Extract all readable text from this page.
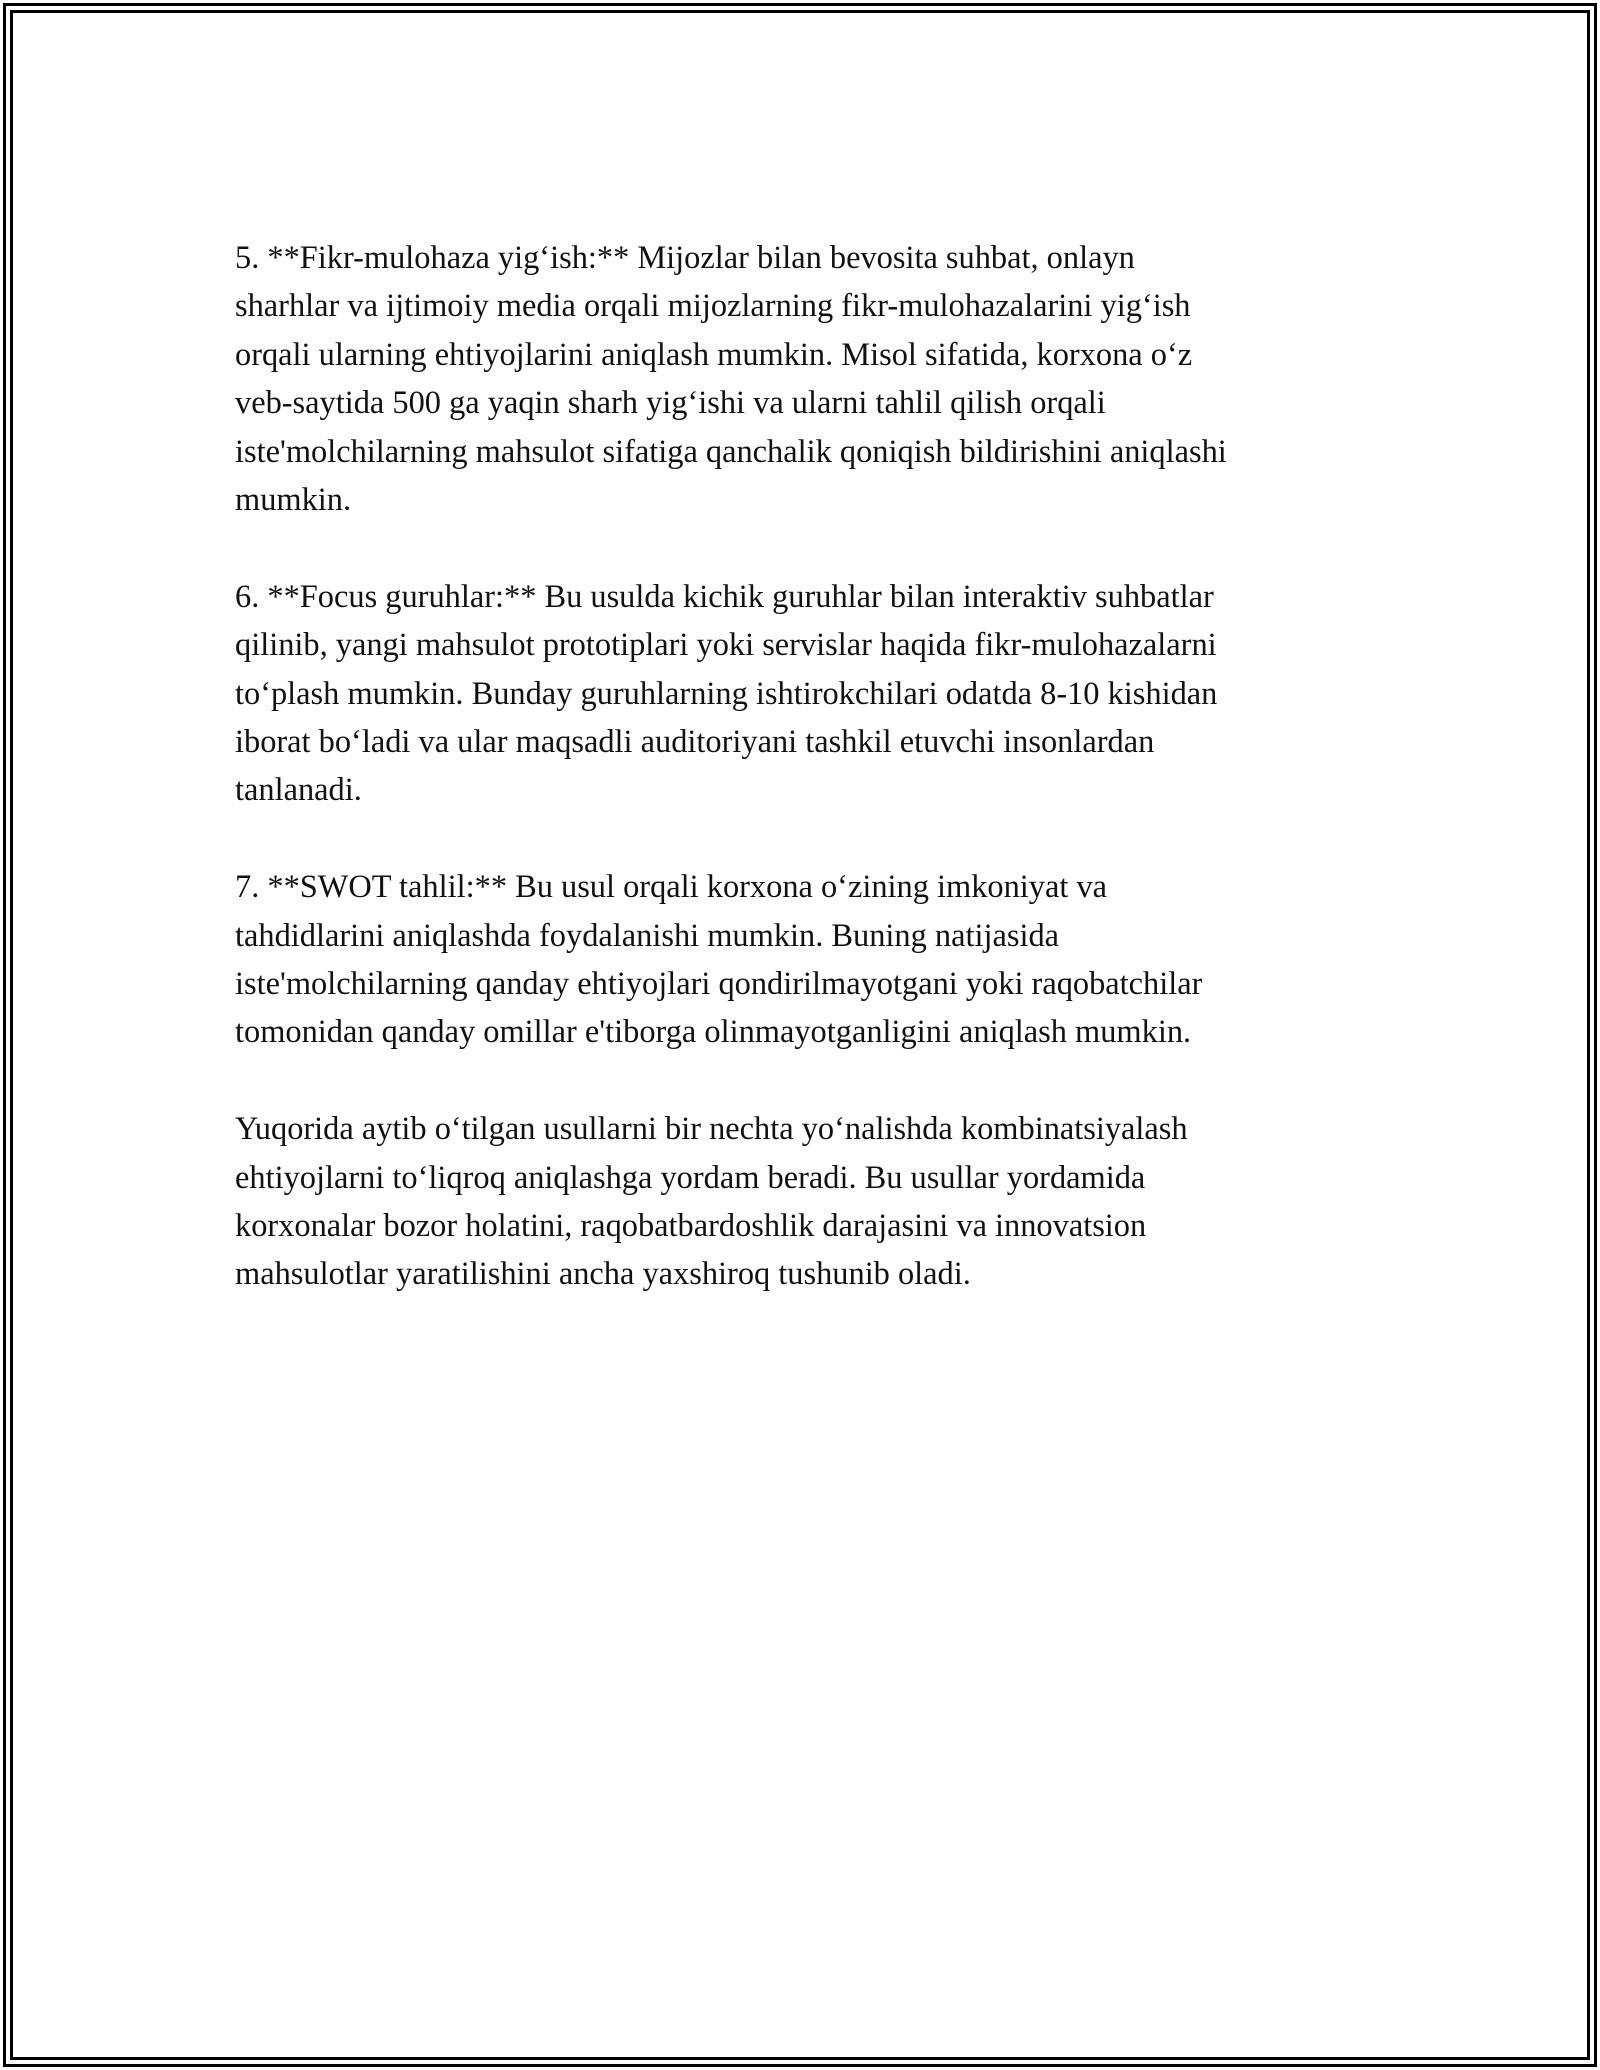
5. **Fikr-mulohaza yig‘ish:** Mijozlar bilan bevosita suhbat, onlayn
sharhlar va ijtimoiy media orqali mijozlarning fikr-mulohazalarini yig‘ish
orqali ularning ehtiyojlarini aniqlash mumkin. Misol sifatida, korxona o‘z
veb-saytida 500 ga yaqin sharh yig‘ishi va ularni tahlil qilish orqali
iste'molchilarning mahsulot sifatiga qanchalik qoniqish bildirishini aniqlashi
mumkin.

6. **Focus guruhlar:** Bu usulda kichik guruhlar bilan interaktiv suhbatlar
qilinib, yangi mahsulot prototiplari yoki servislar haqida fikr-mulohazalarni
to‘plash mumkin. Bunday guruhlarning ishtirokchilari odatda 8-10 kishidan
iborat bo‘ladi va ular maqsadli auditoriyani tashkil etuvchi insonlardan
tanlanadi.

7. **SWOT tahlil:** Bu usul orqali korxona o‘zining imkoniyat va
tahdidlarini aniqlashda foydalanishi mumkin. Buning natijasida
iste'molchilarning qanday ehtiyojlari qondirilmayotgani yoki raqobatchilar
tomonidan qanday omillar e'tiborga olinmayotganligini aniqlash mumkin.

Yuqorida aytib o‘tilgan usullarni bir nechta yo‘nalishda kombinatsiyalash
ehtiyojlarni to‘liqroq aniqlashga yordam beradi. Bu usullar yordamida
korxonalar bozor holatini, raqobatbardoshlik darajasini va innovatsion
mahsulotlar yaratilishini ancha yaxshiroq tushunib oladi.
